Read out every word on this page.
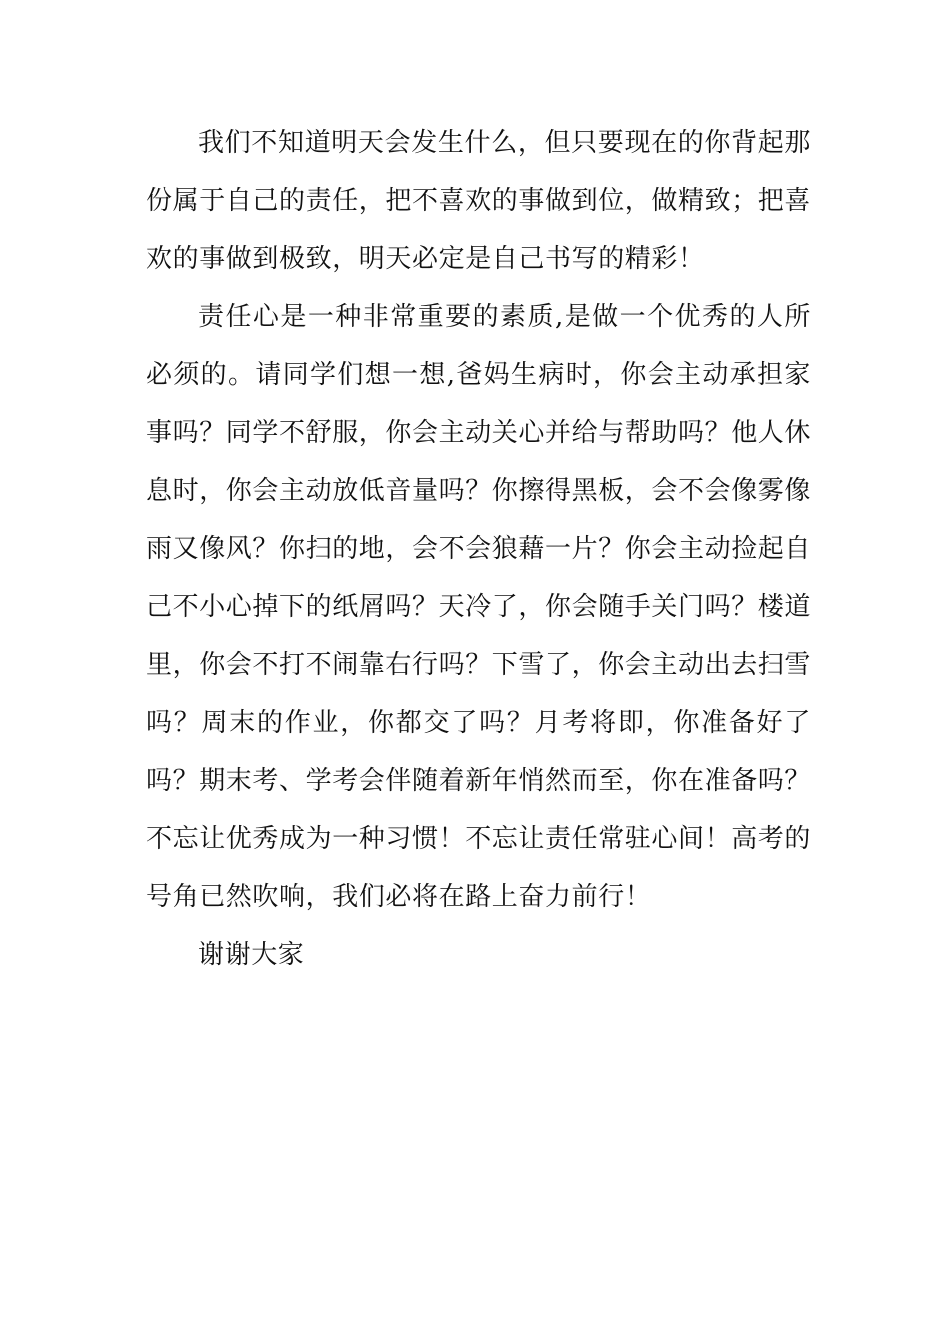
我们不知道明天会发生什么，但只要现在的你背起那份属于自己的责任，把不喜欢的事做到位，做精致；把喜欢的事做到极致，明天必定是自己书写的精彩！

责任心是一种非常重要的素质,是做一个优秀的人所必须的。请同学们想一想,爸妈生病时，你会主动承担家事吗？同学不舒服，你会主动关心并给与帮助吗？他人休息时，你会主动放低音量吗？你擦得黑板，会不会像雾像雨又像风？你扫的地，会不会狼藉一片？你会主动捡起自己不小心掉下的纸屑吗？天冷了，你会随手关门吗？楼道里，你会不打不闹靠右行吗？下雪了，你会主动出去扫雪吗？周末的作业，你都交了吗？月考将即，你准备好了吗？期末考、学考会伴随着新年悄然而至，你在准备吗？不忘让优秀成为一种习惯！不忘让责任常驻心间！高考的号角已然吹响，我们必将在路上奋力前行！

谢谢大家
